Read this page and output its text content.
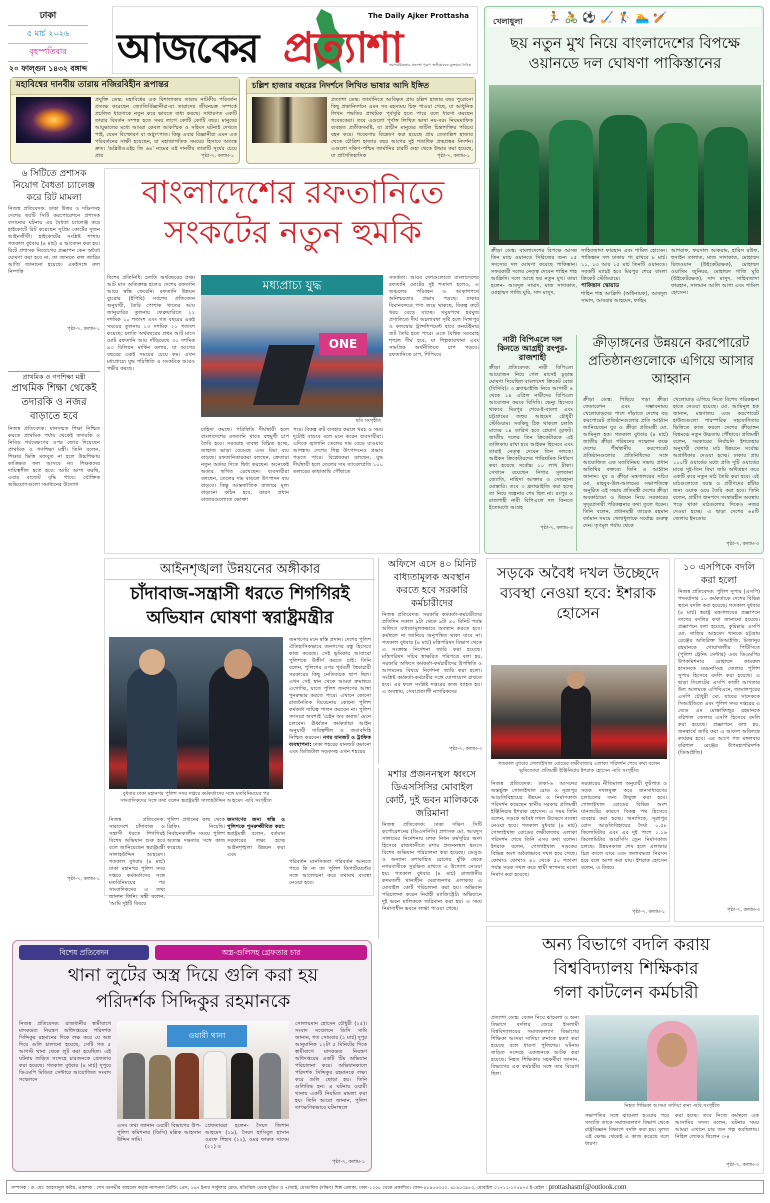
ঢাকা
৫ মার্চ ২০২৬
বৃহস্পতিবার
২০ ফাল্গুন ১৪৩২ বঙ্গাব্দ আজকের প্রত্যাশা
The Daily Ajker Prottasha
সমসাময়িকতার প্রত্যাশা পূরণে অঙ্গীকারবদ্ধ মুক্তমনা দৈনিক
মহাবিশ্বের দানবীয় তারায় নজিরবিহীন রূপান্তর
প্রযুক্তি ডেস্ক: মহাবিশ্বের এক বিশালাকার তারায় নাটকীয় পরিবর্তন প্রত্যক্ষ করেছেন জ্যোতির্বিজ্ঞানীরা-যা তারাদের জীবনচক্র সম্পর্কে প্রচলিত ধারণাকে নতুন করে ভাবতে বাধ্য করছে। সাধারণত একটি তারার বিবর্তন সম্পন্ন হতে সময় লাগে কোটি কোটি বছর। মানুষের আয়ুষ্কালের মধ্যে আমরা কেবল আকস্মিক ও সহিংস ঘটনাই দেখতে পাই, যেমন বিস্ফোরণ বা অগ্ন্যুৎপাত। কিন্তু এবার বিজ্ঞানীরা এমন এক পরিবর্তনের সাক্ষী হয়েছেন, যা মহাজাগতিক সময়ের হিসাবে অত্যন্ত দ্রুত। 'ডব্লিউওএইচ জি ৬৪' নামের এই দানবীয় তারাটি সূর্যের চেয়ে প্রায়	পৃষ্ঠা-৭, কলাম-১
চল্লিশ হাজার বছরের নিদর্শনে লিখিত ভাষার আদি ইঙ্গিত
প্রত্যাশা ডেস্ক: জার্মানিতে আবিষ্কৃত প্রায় চল্লিশ হাজার বছর পুরোনো কিছু প্রত্নানিদর্শনে এমন সব রহস্যময় চিহ্ন পাওয়া গেছে, যা আধুনিক লিখন পদ্ধতির প্রাথমিক পূর্বসূরি হতে পারে বলে ধারণা করছেন গবেষকেরা। তবে এগুলো পূর্ণাঙ্গ লিখিত ভাষা নয়-বরং নিয়মমাফিক ব্যবহৃত প্রতীকসমষ্টি, যা প্রাচীন মানুষের জটিল চিন্তাশক্তির পরিচয় বহন করে। গবেষণার বিশ্লেষণ করা হয়েছে প্রায় তেতাল্লিশ হাজার থেকে চৌত্রিশ হাজার বছর আগের দুই শতাধিক প্রত্নপ্রস্তর নিদর্শন। এগুলো দক্ষিণ-পশ্চিম জার্মানির চারটি গুহা থেকে উদ্ধার করা হয়েছে, যা প্রাগৈতিহাসিক	পৃষ্ঠা-৭, কলাম-১
খেলাধুলা 🏃🚴⚽🏑🏌🏊🏏
ছয় নতুন মুখ নিয়ে বাংলাদেশের বিপক্ষে ওয়ানডে দল ঘোষণা পাকিস্তানের
ক্রীড়া ডেস্ক: বাংলাদেশের বিপক্ষে আসন্ন তিন ম্যাচ ওয়ানডে সিরিজের জন্য ১৫ সদস্যের দল ঘোষণা করেছে পাকিস্তান। সফরকারী দলের নেতৃত্ব দেবেন শাহিন শাহ আফ্রিদি। দলে আছে ছয় নতুন মুখ। তারা হলেন- আবদুল সামাদ, মাজ সাদাকাত, মোহাম্মদ গাজি ঘুরি, সাদ মাসুদ,
সাহিবজাদা ফারহান এবং শামিল হোসেন। পাকিস্তান দল ঢাকায় পা রাখবে ৮ মার্চ। ১১, ১৩ আর ১৫ মার্চ তিনটি ওয়ানডে। সবকটি ম্যাচই হবে মিরপুর শেরে বাংলা ক্রিকেট স্টেডিয়ামে।
পাকিস্তান স্কোয়াড
শাহিন শাহ আফ্রিদি (অধিনায়ক), আবদুল সামাদ, আবরার আহমেদ, ফাহিম
আশরাফ, ফয়সাল আকরাম, হারিস রউফ, হুসাইন তালাত, মাজ সাদাকাত, মোহাম্মদ রিজওয়ান (উইকেটরক্ষক), মোহাম্মদ ওয়াসিম জুনিয়র, মোহাম্মদ গাজি ঘুরি (উইকেটরক্ষক), সাদ মাসুদ, সাহিবজাদা ফারহান, সালমান আলি আগা এবং শামিল হোসেন।
নারী বিপিএলে দল কিনতে আগ্রহী রংপুর-রাজশাহী
ক্রীড়া প্রতিবেদক: নারী বিপিএল আয়োজন নিয়ে গেল মাসেই চূড়ান্ত ঘোষণা দিয়েছিল বাংলাদেশ ক্রিকেট বোর্ড (বিসিবি)। ৩ ফ্র্যাঞ্চাইজি নিয়ে আগামী ৪ থেকে ১৪ এপ্রিল নারীদের বিপিএল আয়োজন করবে বিসিবি। ভেন্যু হিসেবে থাকবে মিরপুর শেরে-ই-বাংলা এবং চট্টগ্রামের জহুর আহমেদ চৌধুরী স্টেডিয়াম। সবকিছু ঠিক থাকলে চলতি মাসের ১৪ তারিখ হবে প্লেয়ার্স ড্রাফট। জাতীয় দলের তিন ক্রিকেটারকে এই তালিকায় রাখা হবে আইকন হিসেবে এবং তারাই নেতৃত্ব দেবেন তিন দলকে। আইকন ক্রিকেটারদের পারিশ্রমিক নির্ধারণ করা হয়েছে সর্বোচ্চ ১০ লাখ টাকা। সেখানে রয়েছেন নিগার সুলতানা জ্যোতি, নাহিদা আক্তার ও সোবহানা মোস্তারি। তবে ৩ ফ্র্যাঞ্চাইজি করা হচ্ছে তা নিয়ে জল্পনার শেষ ছিল না। রংপুর ও রাজশাহী নারী বিপিএলে দল কিনতে ইতোমধ্যে আগ্রহ
পৃষ্ঠা-৭, কলাম-৩
ক্রীড়াঙ্গনের উন্নয়নে করপোরেট প্রতিষ্ঠানগুলোকে এগিয়ে আসার আহ্বান
ক্রীড়া ডেস্ক: পিছিয়ে পড়া ক্রীড়া ফেডারেশন এবং সম্ভাবনাময় খেলোয়াড়দের পাশে দাঁড়াতে দেশের বড় করপোরেট প্রতিষ্ঠানগুলোর প্রতি আহ্বান জানিয়েছেন যুব ও ক্রীড়া প্রতিমন্ত্রী মো. আমিনুল হক। গতকাল বুধবার (৪ মার্চ) জাতীয় ক্রীড়া পরিষদের সম্মেলন কক্ষে দেশের শীর্ষস্থানীয় করপোরেট প্রতিষ্ঠানগুলোর প্রতিনিধিদের সঙ্গে আয়োজিত এক মতবিনিময় সভায় প্রধান অতিথির বক্তব্যে তিনি এ আহ্বান জানান। যুব ও ক্রীড়া মন্ত্রণালয়ের সচিব মো. মাহবুব-উল-আলমের সভাপতিত্বে অনুষ্ঠিত এই সভায় প্রতিমন্ত্রী দেশের ক্রীড়া অবকাঠামো ও উন্নয়ন নিয়ে সরকারের সুদূরপ্রসারী পরিকল্পনার কথা তুলে ধরেন। তিনি বলেন, প্রধানমন্ত্রী তারেক রহমান বর্তমান সময়ে খেলাধুলাকে সর্বোচ্চ গুরুত্ব দেন। তৃণমূল পর্যায় থেকে
খেলোয়াড় এগিয়ে নিতে বিশেষ পরিকল্পনা হাতে নেওয়া হয়েছে। মো. আমিনুল হক জানান, মন্ত্রণালয় এবং করপোরেট হাউজগুলো পারস্পরিক সহযোগিতার ভিত্তিতে কাজ করলে দেশের ক্রীড়াঙ্গন বিশ্বমঞ্চে নতুন উচ্চতায় পৌঁছাবে। প্রতিমন্ত্রী বলেন, সরকারের নির্বাচনি ইশতেহার অনুযায়ী খেলার মাঠ উন্নয়নে সর্বোচ্চ অগ্রাধিকার দেওয়া হচ্ছে। ঢাকার প্রায় ১০০টি ওয়ার্ডের মধ্যে প্রতি দুটি ওয়ার্ডের মাঝে দুই-তিন বিঘা জমি অধিগ্রহণ করে একটি করে নতুন মাঠ তৈরি করা হবে। এই মাঠগুলোতে বয়স্ক ও প্রবীণদের হাঁটার জন্য ওয়াক ওয়ে তৈরি করা হবে। তিনি বলেন, গ্রামীণ জনপদে সংস্কারহীন অবস্থায় পড়ে থাকা মাঠগুলোর দিকেও নজর দেওয়া হচ্ছে। এ ছাড়া দেশের ৬৪টি জেলায় ইনডোর
পৃষ্ঠা-৭, কলাম-৩
৬ সিটিতে প্রশাসক নিয়োগ বৈধতা চ্যালেঞ্জ করে রিট মামলা
নিজস্ব প্রতিবেদক: ঢাকা উত্তর ও দক্ষিণসহ দেশের ছয়টি সিটি করপোরেশনে প্রশাসক বসানোর ঘটনায় এর বৈধতা চ্যালেঞ্জ করে হাইকোর্টে রিট করেছেন সুপ্রিম কোর্টের দুজন আইনজীবী। হাইকোর্টের সংশ্লিষ্ট শাখায় গতকাল বুধবার (৪ মার্চ) এ আবেদন করা হয়। রিটে প্রশাসক নিয়োগের প্রজ্ঞাপন কেন অবৈধ ঘোষণা করা হবে না, তা জানতে রুল জারির আর্জি জানানো হয়েছে। একইসঙ্গে রুল নিষ্পত্তি
পৃষ্ঠা-৭, কলাম-১
প্রাথমিক ও গণশিক্ষা মন্ত্রী
প্রাথমিক শিক্ষা থেকেই তদারকি ও নজর বাড়াতে হবে
নিজস্ব প্রতিবেদক: মানসম্মত শিক্ষা নিশ্চিত করতে প্রাথমিক পর্যায় থেকেই তদারকি ও নিবিড় পর্যবেক্ষণের ওপর জোর দিয়েছেন প্রাথমিক ও গণশিক্ষা মন্ত্রী। তিনি বলেন, শিক্ষার ভিত্তি মজবুত না হলে উচ্চশিক্ষায় কাঙ্ক্ষিত ফল আসবে না। শিক্ষকদের দায়িত্বশীল হতে হবে। আমি আশা করছি, এবার বাজেট বৃদ্ধি পাবে। যৌক্তিক অভিযোগগুলো সমাধানের উদ্যোগ
পৃষ্ঠা-৭, কলাম-১
বাংলাদেশের রফতানিতে
সংকটের নতুন হুমকি
বিশেষ প্রতিনিধি: চলতি অর্থবছরের প্রথম আট মাস অতিক্রান্ত হলেও দেশের রফতানি আয়ে স্বস্তি ফেরেনি। রফতানি উন্নয়ন ব্যুরোর (ইপিবি) সর্বশেষ প্রতিবেদন অনুযায়ী, তৈরি পোশাক খাতের আয় জানুয়ারির তুলনায় ফেব্রুয়ারিতে ২২ দশমিক ১০ শতাংশ এবং গত বছরের একই সময়ের তুলনায় ১৩ দশমিক ২১ শতাংশ কমেছে। চলতি অর্থবছরের প্রথম আট মাসে মোট রফতানি আয় দাঁড়িয়েছে ৩০ দশমিক ৯৩ বিলিয়ন মার্কিন ডলার, যা আগের বছরের একই সময়ের চেয়ে কম। এখন মধ্যপ্রাচ্যে যুদ্ধ পরিস্থিতি এ সংকটকে আরও গভীর করছে।
মধ্যপ্রাচ্য যুদ্ধ
ONE
ছবি সংগৃহীত
চাহিদা কমছে। পরিস্থিতি দীর্ঘস্থায়ী হলে বাংলাদেশের রফতানি খাতে বহুমুখী চাপ তৈরি হবে। সরবরাহ ব্যবস্থা বিঘ্নিত হচ্ছে, জাহাজ ভাড়া বেড়েছে এবং বিমা ব্যয় বাড়ছে। রফতানিকারকরা বলছেন, ক্রেতারা নতুন অর্ডার দিতে দ্বিধা করছেন। অনেকেই অর্ডার স্থগিত রেখেছেন। ব্যবসায়ীরা বলছেন, তেলের দাম বাড়লে উৎপাদন ব্যয় বাড়বে। কিন্তু আন্তর্জাতিক বাজারে মূল্য বাড়ানো কঠিন হবে, কারণ প্রধান বাজারগুলোতে ভোক্তা
পরে। বিকল্প রুট ব্যবহার করলে খরচ ও সময় দুটোই বাড়বে বলে মনে করেন ব্যবসায়ীরা। এদিকে জ্বালানি তেলের দাম বেড়ে যাওয়ার আশঙ্কায় দেশের শিল্প উৎপাদনেও প্রভাব পড়তে পারে। বিশ্লেষকরা বলছেন, যুদ্ধ দীর্ঘস্থায়ী হলে তেলের দাম ব্যারেলপ্রতি ১০০ ডলারের কাছাকাছি পৌঁছাতে
সতর্কতা: আরব দেশগুলোতে বাংলাদেশের রফতানি মোটের দুই শতাংশ হলেও, এ অঞ্চলের পরিবহন ও আকাশপথে অনিশ্চয়তার প্রভাব পড়ছে। ঢাকার বিমানবন্দরে পণ্য জমে থাকছে, বিকল্প রুটে খরচ বেড়ে যাচ্ছে। সমুদ্রপথে হরমুজ প্রণালিতে দীর্ঘ অচলাবস্থা সৃষ্টি হলে সিঙ্গাপুর ও কলম্বোর ট্রান্সশিপমেন্ট হাবে কনটেইনার জট তৈরি হতে পারে। এতে বৈশ্বিক সরবরাহ শৃঙ্খল দীর্ঘ হবে, যা শিল্পকারখানা এবং সামগ্রিক অর্থনীতিতে চাপ পড়বে। রফতানিতে চাপ, শিপিংয়ে
আইনশৃঙ্খলা উন্নয়নের অঙ্গীকার
চাঁদাবাজ-সন্ত্রাসী ধরতে শিগগিরই
অভিযান ঘোষণা স্বরাষ্ট্রমন্ত্রীর
বুধবার ঢাকা মহানগর পুলিশ সদর দপ্তরে কর্মকর্তাদের সঙ্গে মতবিনিময়ের পর সাংবাদিকদের সঙ্গে কথা বলেন স্বরাষ্ট্রমন্ত্রী সালাহউদ্দিন আহমেদ -ছবি সংগৃহীত
জনগণের মনে স্বস্তি প্রদান। দেশের পুলিশ ঐতিহাসিকভাবে জনগণের বন্ধু হিসেবে কাজ করেছে। সেই ভূমিকায় আবারো পুলিশকে উত্তীর্ণ করতে চাই। তিনি বলেন, পুলিশের ওপর পূর্ববর্তী স্বৈরাচারী সরকারের কিছু নেতিবাচক ছাপ ছিল। এখন সেই স্থান থেকে আমরা ক্রমান্বয়ে এগোচ্ছি, যাতে পুলিশ জনগণের আস্থা পুনরুদ্ধার করতে পারে। এখানে কোনো রাজনৈতিক বিবেচনায় কোনো পুলিশ কর্মকর্তা দায়িত্ব পালন করবেন না। পুলিশ সদস্যরা অবশ্যই 'চেইন অব কমান্ড' মেনে চলবেন। ঊর্ধ্বতন কর্মকর্তারা আইন অনুযায়ী দায়িত্বশীল ও জবাবদিহি নিশ্চিত করবেন। নগর যানজট ও ট্রাফিক ব্যবস্থাপনা: ঢাকা শহরের যানজট কমানো এবং ডিজিটাল সড়কসহ এখন শহরের
নিজস্ব প্রতিবেদক: সারাদেশে চাঁদাবাজ ও সন্ত্রাসী ধরতে শিগগিরই বিশেষ অভিযান শুরু হবে বলে জানিয়েছেন স্বরাষ্ট্রমন্ত্রী সালাহউদ্দিন আহমেদ। গতকাল বুধবার (৪ মার্চ) ঢাকা মহানগর পুলিশ সদর দপ্তরে কর্মকর্তাদের সঙ্গে মতবিনিময়ের পর সাংবাদিকদের এ তথ্য জানান তিনি। মন্ত্রী বলেন, 'আমি দুইটি বিষয়ে
পুলিশ প্রধানের কাছ থেকে ব্রিফিং নিয়েছি। নির্বাচনকালীন সময়ে পুলিশ অত্যন্ত দক্ষতার সঙ্গে কাজ করেছে।
জনগণের জন্য স্বস্তি ও পুলিশকে পুনরুজ্জীবিত করা: স্বরাষ্ট্রমন্ত্রী বলেন, বর্তমান সরকারের লক্ষ্য হচ্ছে আইনশৃঙ্খলা উন্নয়ন করা এবং
পরিবর্তন মানসিকতা পরিবর্তন আনতে পারে কি না তা পুলিশ ডিপার্টমেন্টের সঙ্গে আলোচনা করে যথাযথ ব্যবস্থা নেওয়া হবে।
অফিসে এসে ৪০ মিনিট বাধ্যতামূলক অবস্থান করতে হবে সরকারি কর্মচারীদের
নিজস্ব প্রতিবেদক: সরকারি কর্মকর্তা-কর্মচারীদের প্রতিদিন সকাল ৯টা থেকে ৯টা ৪০ মিনিট পর্যন্ত অফিসে বাধ্যতামূলকভাবে অবস্থান করতে হবে। কর্মস্থলে না জানিয়ে অনুপস্থিত থাকা যাবে না। গতকাল বুধবার (৪ মার্চ) মন্ত্রিপরিষদ বিভাগ থেকে এ সংক্রান্ত নির্দেশনা জারি করা হয়েছে। মন্ত্রিপরিষদ সচিব স্বাক্ষরিত পরিপত্রে বলা হয়, সরকারি অফিসে কর্মকর্তা-কর্মচারীদের উপস্থিতি ও আগমনের বিষয়ে নির্দেশনা জারি করা হলো। সংশ্লিষ্ট কর্মকর্তা-কর্মচারীর সঙ্গে যোগাযোগ রাখতে হবে। এর ফলে সংশ্লিষ্ট দপ্তরের কাজ ব্যাহত হয়। এ অবস্থায়, সেবাপ্রত্যাশী নাগরিকদের
পৃষ্ঠা-৭, কলাম-৩
মশার প্রজননস্থল ধ্বংসে ডিএসসিসির মোবাইল কোর্ট, দুই ভবন মালিককে জরিমানা
নিজস্ব প্রতিবেদক: ঢাকা দক্ষিণ সিটি কর্পোরেশনের (ডিএসসিসি) প্রশাসক মো. আবদুস সালামের নির্দেশনায় মশক নিধন কর্মসূচির অংশ হিসেবে রাজধানীতে মশার প্রজননস্থল ধ্বংসে বিশেষ অভিযান পরিচালনা করা হয়েছে। ডেঙ্গু ও অন্যান্য মশাবাহিত রোগের ঝুঁকি থেকে নগরবাসীকে সুরক্ষিত রাখতে এ উদ্যোগ নেওয়া হয়। গতকাল বুধবার (৪ মার্চ) রাজধানীর কদমতলী থানাধীন মেরাজনগর এলাকায় এ মোবাইল কোর্ট পরিচালনা করা হয়। অভিযান পরিচালনা করেন নির্বাহী ম্যাজিস্ট্রেট। অভিযানে দুই ভবন মালিককে জরিমানা করা হয়। এ সময় নির্মাণাধীন ভবনে লার্ভা পাওয়া গেছে।
সড়কে অবৈধ দখল উচ্ছেদে ব্যবস্থা নেওয়া হবে: ইশরাক হোসেন
গতকাল বুধবার গোলাইখাল রোডের লক্ষীবাজার এলাকা পরিদর্শন শেষে কথা বলেন ভূমিজোয়া প্রতিমন্ত্রী ইঞ্জিনিয়ার ইশরাক হোসেন -ছবি সংগৃহীত
নিজস্ব প্রতিবেদক: ঢাকা-৬ আসনের অন্তর্ভুক্ত গোলাইখাল রোড ও সূত্রাপুর আড়তিবিহায়ের উন্নয়ন ও নির্মাণকাজ পরিদর্শন করেছেন স্থানীয় সরকার প্রতিমন্ত্রী ইঞ্জিনিয়ার ইশরাক হোসেন। এ সময় তিনি বলেন, সড়কে অবৈধ দখল উচ্ছেদে ব্যবস্থা নেওয়া হবে। গতকাল বুধবার (৪ মার্চ) গোলাইখাল রোডের লক্ষীবাজার এলাকা পরিদর্শন শেষে তিনি এসব কথা বলেন। ইশরাক বলেন, গোলাইখাল সড়কের বিভিন্ন অংশ অবৈধভাবে দখল হয়ে গেছে। কোথাও কোথাও ৪০ থেকে ৫০ শতাংশ পর্যন্ত সড়ক দখল করে স্থায়ী স্থাপনার মতো নির্মাণ করা হয়েছে।
সরকারের নীতিমালা অনুযায়ী ফুটপাত ও সড়ক দখলমুক্ত করে জনসাধারণের চলাচলের জন্য উন্মুক্ত করা হবে। গোলাইখাল রোডের বিভিন্ন অংশ যানজটের কারণে বিকল্প পথ হিসেবে ব্যবহার করা হচ্ছে। অন্যদিকে, সূত্রাপুর রোস আড়তিবিহায়ের দৈর্ঘ্য ০.৫৮ কিলোমিটার এবং এর দুই পাশে ১.১৬ কিলোমিটার আরসিসি ড্রেন নির্মাণকাজ চলছে। উন্নয়নকাজ শেষ হলে এলাকার চিত্র বদলে যাবে এবং জলাবদ্ধতা নিরসন হবে বলে আশা করা যায়। ইশরাক হোসেন বলেন, এ বিষয়ে
পৃষ্ঠা-৭, কলাম-১
১০ এসপিকে বদলি করা হলো
নিজস্ব প্রতিবেদক: পুলিশ সুপার (এসপি) পদমর্যাদার ১০ কর্মকর্তাকে দেশের বিভিন্ন স্থানে বদলি করা হয়েছে। গতকাল বুধবার (৪ মার্চ) স্বরাষ্ট্র মন্ত্রণালয়ের প্রজ্ঞাপনে তাদের বদলির কথা জানানো হয়েছে। প্রজ্ঞাপনে বলা হয়েছে, কুমিল্লার এসপি মো. নাজির আহমেদ খানকে চট্টগ্রাম রেঞ্জের অতিরিক্ত ডিআইজি, মিজানুর রহমানকে গোয়াখালীর পিটিসিতে (পুলিশ ট্রেনিং সেন্টার) এবং ডিএমপির উপকমিশনার মোহাম্মদ কামরুল হাসানকে ময়মনসিংহ জেলার পুলিশ সুপার হিসেবে বদলি করা হয়েছে। এ ছাড়া সিলেটের এসপি কাজী আখতার উল আলমকে এপিবিএনে, জামালপুরের এসপি চৌধুরী মো. যাবের সাদেককে সিআইডিতে এবং পুলিশ সদর দপ্তরের এ জেড এম মোস্তাফিজুর রহমানকে বরিশাল জেলার এসপি হিসেবে বদলি করা হয়েছে। প্রজ্ঞাপনে বলা হয়, জনস্বার্থে জারি করা এ আদেশ অবিলম্বে কার্যকর হবে। এর আগে গত মঙ্গলবার বরিশাল রেঞ্জের উপমহাপরিদর্শক (ডিআইজি)
পৃষ্ঠা-৭, কলাম-৩
বিশেষ প্রতিবেদন	অস্ত্র-গুলিসহ গ্রেফতার চার
থানা লুটের অস্ত্র দিয়ে গুলি করা হয়
পরিদর্শক সিদ্দিকুর রহমানকে
নিজস্ব প্রতিবেদক: রাজধানীর স্বামীবাগে মাদকদ্রব্য নিয়ন্ত্রণ অধিদপ্তরের পরিদর্শক সিদ্দিকুর রহমানের দিকে লক্ষ করে যে অস্ত্র দিয়ে গুলি চালানো হয়েছে, সেটি গত ৫ আগস্ট থানা থেকে লুট করা হয়েছিল। এই ঘটনায় জড়িত সন্দেহে চারজনকে গ্রেফতার করা হয়েছে। গতকাল বুধবার (৪ মার্চ) দুপুরে ডিএমপি মিডিয়া সেন্টারে আয়োজিত সংবাদ সম্মেলনে
ওয়ারী থানা
এসব তথ্য জানান ওয়ারী বিভাগের উপ-পুলিশ কমিশনার (ডিসি) মল্লিক আহসান উদ্দিন সামি।
গ্রেফতাররা হলেন- সৈয়দ জিশান আহমেদ (২৯), সৈয়দ হাসিবুল হাসান ওরফে শিহাব (২২), ওমর ফারুক সাদেম (২১) ও
সোলায়মান হোসেন চৌধুরী (২৫)। সংবাদ সম্মেলনে ডিসি সামি জানান, গত সোমবার (২ মার্চ) দুপুর আনুমানিক ১২টা ৫ মিনিটের দিকে স্বামীবাগে মাদকদ্রব্য নিয়ন্ত্রণ অধিদপ্তরের একটি টিম অভিযান পরিচালনা করে। অভিযানকালে পরিদর্শক সিদ্দিকুর রহমানকে লক্ষ্য করে গুলি ছোড়া হয়। তিনি গুলিবিদ্ধ হন। এ ঘটনায় ওয়ারী থানায় একটি নিয়মিত মামলা করা হয়। তিনি আরো জানান, পুলিশ তাৎক্ষণিকভাবে ঘটনাস্থলে
পৃষ্ঠা-৭, কলাম-১
অন্য বিভাগে বদলি করায়
বিশ্ববিদ্যালয় শিক্ষিকার
গলা কাটলেন কর্মচারী
প্রত্যাশা ডেস্ক: বেতন নিয়ে ঝামেলা ও অন্য বিভাগে বদলির জেরে ইসলামী বিশ্ববিদ্যালয়ের সমাজকল্যাণ বিভাগের শিক্ষিকা আসমা সাদিয়া রুনাকে হত্যা করা হয়েছে বলে ধারণা পুলিশের। ঘটনায় জড়িত সন্দেহে একজনকে আটক করা হয়েছে। নিহত শিক্ষিকার সহকর্মীরা জানান, বিভাগের এক কর্মচারীর সঙ্গে তার বিরোধ ছিল।
নিহত শিক্ষিকা আসমা সাদিয়া রুনা -ছবি সংগৃহীত
সভাপতির সঙ্গে ঝামেলা হওয়ার পরে সম্প্রতি তাকে সমাজকল্যাণ বিভাগ থেকে রাষ্ট্রবিজ্ঞান বিভাগে বদলি করা হয়। মূলত এই ক্ষোভ থেকেই এ কাজ করেছে বলে ধারণা
করা হচ্ছে। তবে নিজে কর্মস্থলে এক আসামির সদস্য বলেন, ঘটনার সময় আমরা এখানে চার জন গল্প করছিলাম। নিহিল লোকও ছিলেন ৩-৪
পৃষ্ঠা-৭, কলাম-৩
সম্পাদক : ড. মো: আহসানুল কবির, প্রকাশক : শেখ তানভীর আহমেদ কর্তৃক ন্যাশনাল প্রিন্টিং প্রেস, ১৬৭ ইনার সার্কুলার রোড, মতিঝিল থেকে মুদ্রিত ও ৭/আই, মোতালিব (দক্ষিণ) শিল্প এলাকা, ঢাকা-১২০৮ থেকে প্রকাশিত। ফোন-৪৮৯৫৫৩৫০, ৪৮৯৫৩৯৫৩, মোবাইল ০১৭১১-২০৫৪৭০ ই-মেইল : prottashasmf@outlook.com
